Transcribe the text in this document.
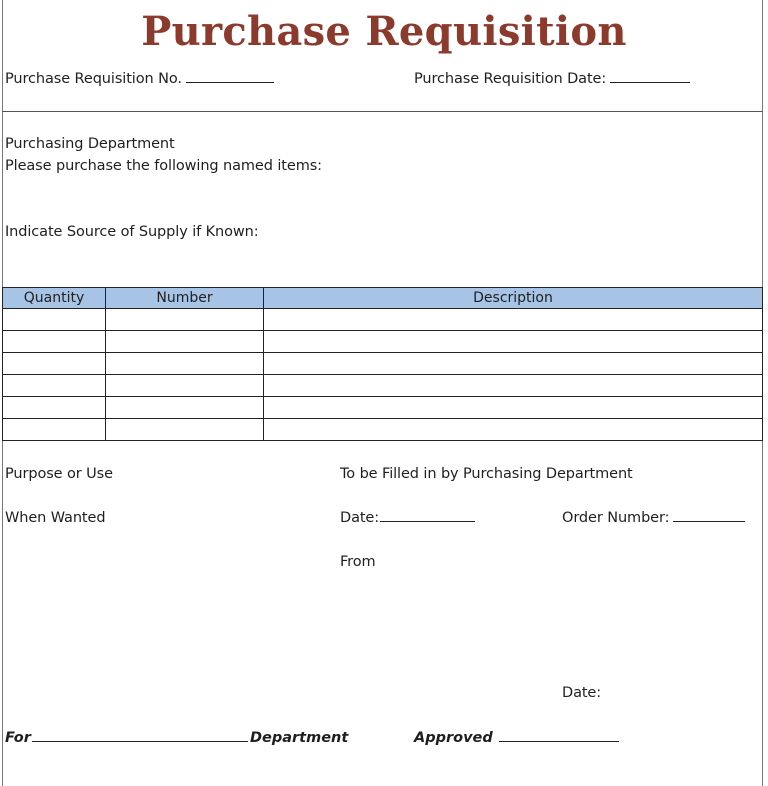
Purchase Requisition
Purchase Requisition No.	Purchase Requisition Date:
Purchasing Department
Please purchase the following named items:
Indicate Source of Supply if Known:
Quantity	Number	Description

Purpose or Use
When Wanted
To be Filled in by Purchasing Department
Date:	Order Number:
From
Date:
For	Department	Approved
